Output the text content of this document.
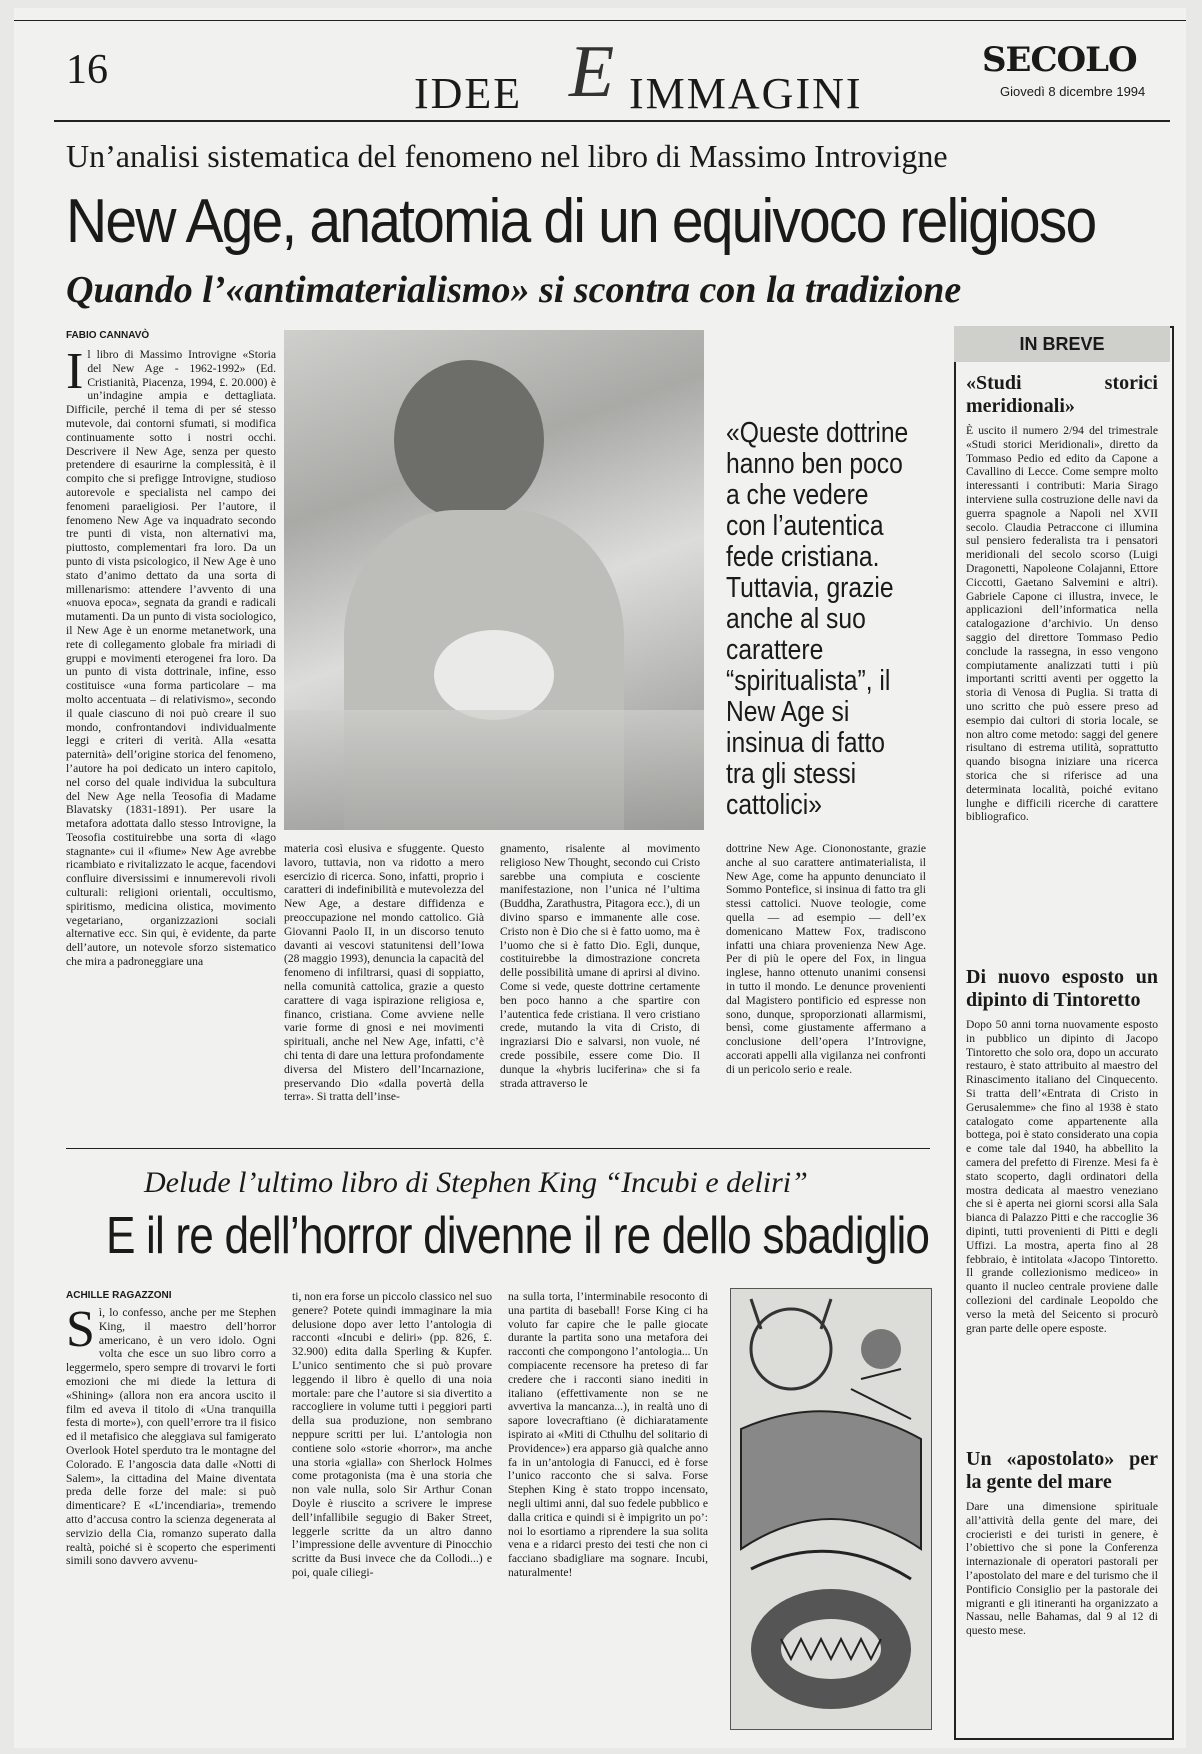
16	IDEE E IMMAGINI
SECOLO
Giovedì 8 dicembre 1994
Un’analisi sistematica del fenomeno nel libro di Massimo Introvigne
New Age, anatomia di un equivoco religioso
Quando l’«antimaterialismo» si scontra con la tradizione
FABIO CANNAVÒ
Il libro di Massimo Introvigne «Storia del New Age - 1962-1992» (Ed. Cristianità, Piacenza, 1994, £. 20.000) è un’indagine ampia e dettagliata. Difficile, perché il tema di per sé stesso mutevole, dai contorni sfumati, si modifica continuamente sotto i nostri occhi. Descrivere il New Age, senza per questo pretendere di esaurirne la complessità, è il compito che si prefigge Introvigne, studioso autorevole e specialista nel campo dei fenomeni paraeligiosi. Per l’autore, il fenomeno New Age va inquadrato secondo tre punti di vista, non alternativi ma, piuttosto, complementari fra loro. Da un punto di vista psicologico, il New Age è uno stato d’animo dettato da una sorta di millenarismo: attendere l’avvento di una «nuova epoca», segnata da grandi e radicali mutamenti. Da un punto di vista sociologico, il New Age è un enorme metanetwork, una rete di collegamento globale fra miriadi di gruppi e movimenti eterogenei fra loro. Da un punto di vista dottrinale, infine, esso costituisce «una forma particolare – ma molto accentuata – di relativismo», secondo il quale ciascuno di noi può creare il suo mondo, confrontandovi individualmente leggi e criteri di verità. Alla «esatta paternità» dell’origine storica del fenomeno, l’autore ha poi dedicato un intero capitolo, nel corso del quale individua la subcultura del New Age nella Teosofia di Madame Blavatsky (1831-1891). Per usare la metafora adottata dallo stesso Introvigne, la Teosofia costituirebbe una sorta di «lago stagnante» cui il «fiume» New Age avrebbe ricambiato e rivitalizzato le acque, facendovi confluire diversissimi e innumerevoli rivoli culturali: religioni orientali, occultismo, spiritismo, medicina olistica, movimento vegetariano, organizzazioni sociali alternative ecc. Sin qui, è evidente, da parte dell’autore, un notevole sforzo sistematico che mira a padroneggiare una
«Queste dottrine hanno ben poco a che vedere con l’autentica fede cristiana. Tuttavia, grazie anche al suo carattere “spiritualista”, il New Age si insinua di fatto tra gli stessi cattolici»
materia così elusiva e sfuggente. Questo lavoro, tuttavia, non va ridotto a mero esercizio di ricerca. Sono, infatti, proprio i caratteri di indefinibilità e mutevolezza del New Age, a destare diffidenza e preoccupazione nel mondo cattolico. Già Giovanni Paolo II, in un discorso tenuto davanti ai vescovi statunitensi dell’Iowa (28 maggio 1993), denuncia la capacità del fenomeno di infiltrarsi, quasi di soppiatto, nella comunità cattolica, grazie a questo carattere di vaga ispirazione religiosa e, financo, cristiana. Come avviene nelle varie forme di gnosi e nei movimenti spirituali, anche nel New Age, infatti, c’è chi tenta di dare una lettura profondamente diversa del Mistero dell’Incarnazione, preservando Dio «dalla povertà della terra». Si tratta dell’inse-
gnamento, risalente al movimento religioso New Thought, secondo cui Cristo sarebbe una compiuta e cosciente manifestazione, non l’unica né l’ultima (Buddha, Zarathustra, Pitagora ecc.), di un divino sparso e immanente alle cose. Cristo non è Dio che si è fatto uomo, ma è l’uomo che si è fatto Dio. Egli, dunque, costituirebbe la dimostrazione concreta delle possibilità umane di aprirsi al divino. Come si vede, queste dottrine certamente ben poco hanno a che spartire con l’autentica fede cristiana. Il vero cristiano crede, mutando la vita di Cristo, di ingraziarsi Dio e salvarsi, non vuole, né crede possibile, essere come Dio. Il dunque la «hybris luciferina» che si fa strada attraverso le
dottrine New Age. Ciononostante, grazie anche al suo carattere antimaterialista, il New Age, come ha appunto denunciato il Sommo Pontefice, si insinua di fatto tra gli stessi cattolici. Nuove teologie, come quella — ad esempio — dell’ex domenicano Mattew Fox, tradiscono infatti una chiara provenienza New Age. Per di più le opere del Fox, in lingua inglese, hanno ottenuto unanimi consensi in tutto il mondo. Le denunce provenienti dal Magistero pontificio ed espresse non sono, dunque, sproporzionati allarmismi, bensì, come giustamente affermano a conclusione dell’opera l’Introvigne, accorati appelli alla vigilanza nei confronti di un pericolo serio e reale.
IN BREVE
«Studi storici meridionali»
È uscito il numero 2/94 del trimestrale «Studi storici Meridionali», diretto da Tommaso Pedio ed edito da Capone a Cavallino di Lecce. Come sempre molto interessanti i contributi: Maria Sirago interviene sulla costruzione delle navi da guerra spagnole a Napoli nel XVII secolo. Claudia Petraccone ci illumina sul pensiero federalista tra i pensatori meridionali del secolo scorso (Luigi Dragonetti, Napoleone Colajanni, Ettore Ciccotti, Gaetano Salvemini e altri). Gabriele Capone ci illustra, invece, le applicazioni dell’informatica nella catalogazione d’archivio. Un denso saggio del direttore Tommaso Pedio conclude la rassegna, in esso vengono compiutamente analizzati tutti i più importanti scritti aventi per oggetto la storia di Venosa di Puglia. Si tratta di uno scritto che può essere preso ad esempio dai cultori di storia locale, se non altro come metodo: saggi del genere risultano di estrema utilità, soprattutto quando bisogna iniziare una ricerca storica che si riferisce ad una determinata località, poiché evitano lunghe e difficili ricerche di carattere bibliografico.
Di nuovo esposto un dipinto di Tintoretto
Dopo 50 anni torna nuovamente esposto in pubblico un dipinto di Jacopo Tintoretto che solo ora, dopo un accurato restauro, è stato attribuito al maestro del Rinascimento italiano del Cinquecento. Si tratta dell’«Entrata di Cristo in Gerusalemme» che fino al 1938 è stato catalogato come appartenente alla bottega, poi è stato considerato una copia e come tale dal 1940, ha abbellito la camera del prefetto di Firenze. Mesi fa è stato scoperto, dagli ordinatori della mostra dedicata al maestro veneziano che si è aperta nei giorni scorsi alla Sala bianca di Palazzo Pitti e che raccoglie 36 dipinti, tutti provenienti di Pitti e degli Uffizi. La mostra, aperta fino al 28 febbraio, è intitolata «Jacopo Tintoretto. Il grande collezionismo mediceo» in quanto il nucleo centrale proviene dalle collezioni del cardinale Leopoldo che verso la metà del Seicento si procurò gran parte delle opere esposte.
Un «apostolato» per la gente del mare
Dare una dimensione spirituale all’attività della gente del mare, dei crocieristi e dei turisti in genere, è l’obiettivo che si pone la Conferenza internazionale di operatori pastorali per l’apostolato del mare e del turismo che il Pontificio Consiglio per la pastorale dei migranti e gli itineranti ha organizzato a Nassau, nelle Bahamas, dal 9 al 12 di questo mese.
Delude l’ultimo libro di Stephen King “Incubi e deliri”
E il re dell’horror divenne il re dello sbadiglio
ACHILLE RAGAZZONI
Sì, lo confesso, anche per me Stephen King, il maestro dell’horror americano, è un vero idolo. Ogni volta che esce un suo libro corro a leggermelo, spero sempre di trovarvi le forti emozioni che mi diede la lettura di «Shining» (allora non era ancora uscito il film ed aveva il titolo di «Una tranquilla festa di morte»), con quell’errore tra il fisico ed il metafisico che aleggiava sul famigerato Overlook Hotel sperduto tra le montagne del Colorado. E l’angoscia data dalle «Notti di Salem», la cittadina del Maine diventata preda delle forze del male: si può dimenticare? E «L’incendiaria», tremendo atto d’accusa contro la scienza degenerata al servizio della Cia, romanzo superato dalla realtà, poiché si è scoperto che esperimenti simili sono davvero avvenu-
ti, non era forse un piccolo classico nel suo genere? Potete quindi immaginare la mia delusione dopo aver letto l’antologia di racconti «Incubi e deliri» (pp. 826, £. 32.900) edita dalla Sperling & Kupfer. L’unico sentimento che si può provare leggendo il libro è quello di una noia mortale: pare che l’autore si sia divertito a raccogliere in volume tutti i peggiori parti della sua produzione, non sembrano neppure scritti per lui. L’antologia non contiene solo «storie «horror», ma anche una storia «gialla» con Sherlock Holmes come protagonista (ma è una storia che non vale nulla, solo Sir Arthur Conan Doyle è riuscito a scrivere le imprese dell’infallibile segugio di Baker Street, leggerle scritte da un altro danno l’impressione delle avventure di Pinocchio scritte da Busi invece che da Collodi...) e poi, quale ciliegi-
na sulla torta, l’interminabile resoconto di una partita di baseball! Forse King ci ha voluto far capire che le palle giocate durante la partita sono una metafora dei racconti che compongono l’antologia... Un compiacente recensore ha preteso di far credere che i racconti siano inediti in italiano (effettivamente non se ne avvertiva la mancanza...), in realtà uno di sapore lovecraftiano (è dichiaratamente ispirato ai «Miti di Cthulhu del solitario di Providence») era apparso già qualche anno fa in un’antologia di Fanucci, ed è forse l’unico racconto che si salva. Forse Stephen King è stato troppo incensato, negli ultimi anni, dal suo fedele pubblico e dalla critica e quindi si è impigrito un po’: noi lo esortiamo a riprendere la sua solita vena e a ridarci presto dei testi che non ci facciano sbadigliare ma sognare. Incubi, naturalmente!
